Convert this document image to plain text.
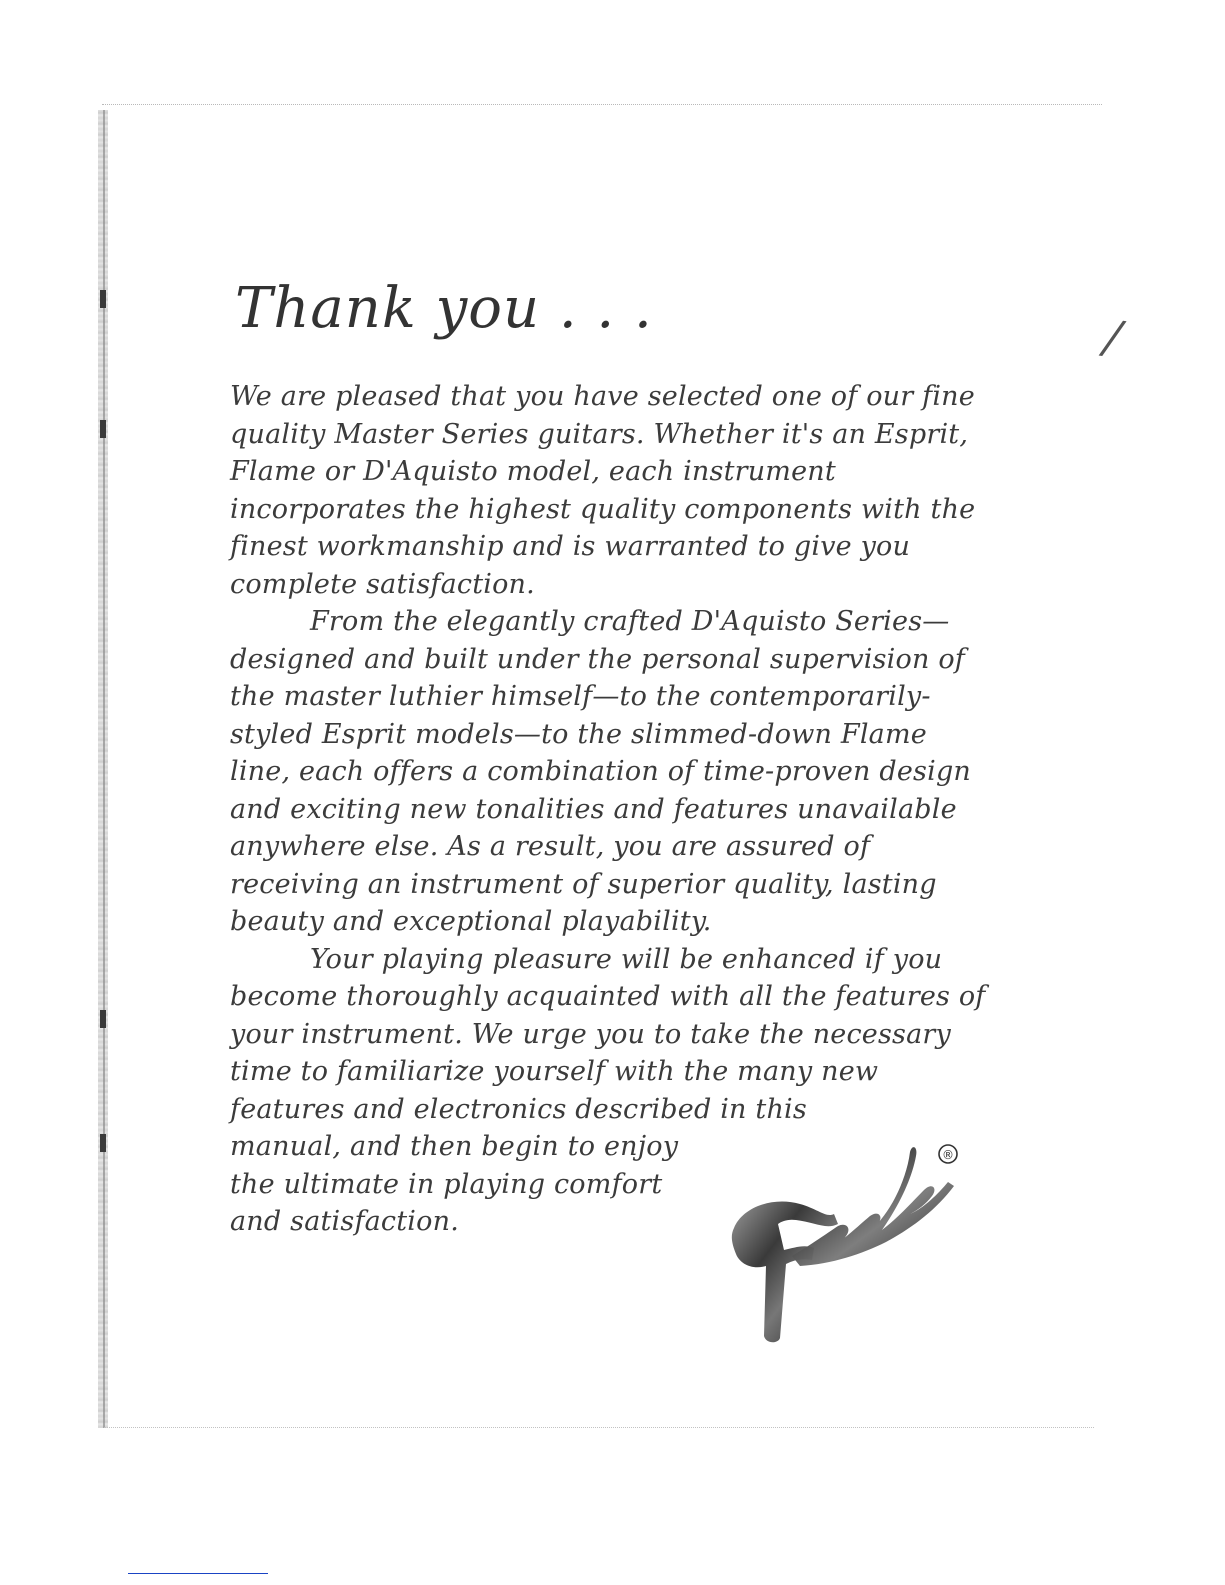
/
Thank you . . .
We are pleased that you have selected one of our fine
quality Master Series guitars. Whether it's an Esprit,
Flame or D'Aquisto model, each instrument
incorporates the highest quality components with the
finest workmanship and is warranted to give you
complete satisfaction.
From the elegantly crafted D'Aquisto Series—
designed and built under the personal supervision of
the master luthier himself—to the contemporarily-
styled Esprit models—to the slimmed-down Flame
line, each offers a combination of time-proven design
and exciting new tonalities and features unavailable
anywhere else. As a result, you are assured of
receiving an instrument of superior quality, lasting
beauty and exceptional playability.
Your playing pleasure will be enhanced if you
become thoroughly acquainted with all the features of
your instrument. We urge you to take the necessary
time to familiarize yourself with the many new
features and electronics described in this
manual, and then begin to enjoy
the ultimate in playing comfort
and satisfaction.
®
